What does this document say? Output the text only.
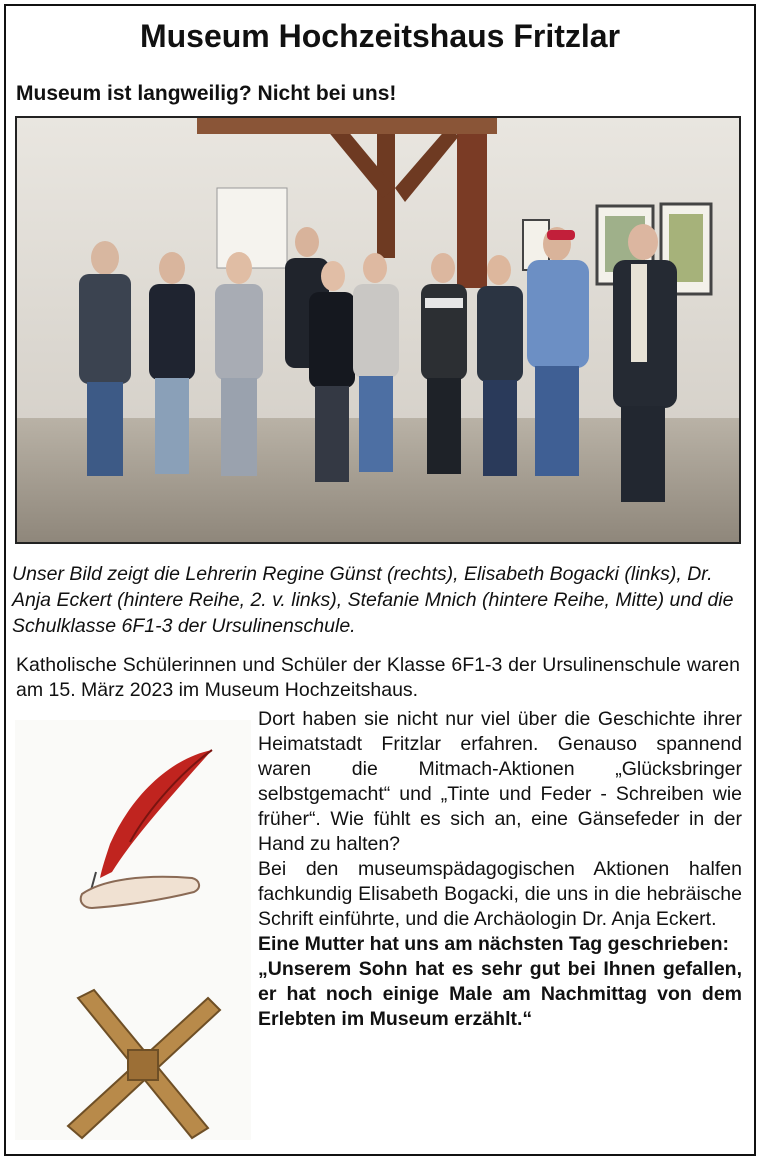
Museum Hochzeitshaus Fritzlar
Museum ist langweilig? Nicht bei uns!
Unser Bild zeigt die Lehrerin Regine Günst (rechts), Elisabeth Bogacki (links), Dr. Anja Eckert (hintere Reihe, 2. v. links), Stefanie Mnich (hintere Reihe, Mitte) und die Schulklasse 6F1-3 der Ursulinenschule.
Katholische Schülerinnen und Schüler der Klasse 6F1-3 der Ursulinenschule waren am 15. März 2023 im Museum Hochzeitshaus.

Dort haben sie nicht nur viel über die Geschichte ihrer Heimatstadt Fritzlar erfahren. Genauso spannend waren die Mitmach-Aktionen „Glücksbringer selbstgemacht“ und „Tinte und Feder - Schreiben wie früher“. Wie fühlt es sich an, eine Gänsefeder in der Hand zu halten?

Bei den museumspädagogischen Aktionen halfen fachkundig Elisabeth Bogacki, die uns in die hebräische Schrift einführte, und die Archäologin Dr. Anja Eckert.

Eine Mutter hat uns am nächsten Tag geschrieben:

„Unserem Sohn hat es sehr gut bei Ihnen gefallen, er hat noch einige Male am Nachmittag von dem Erlebten im Museum erzählt.“
